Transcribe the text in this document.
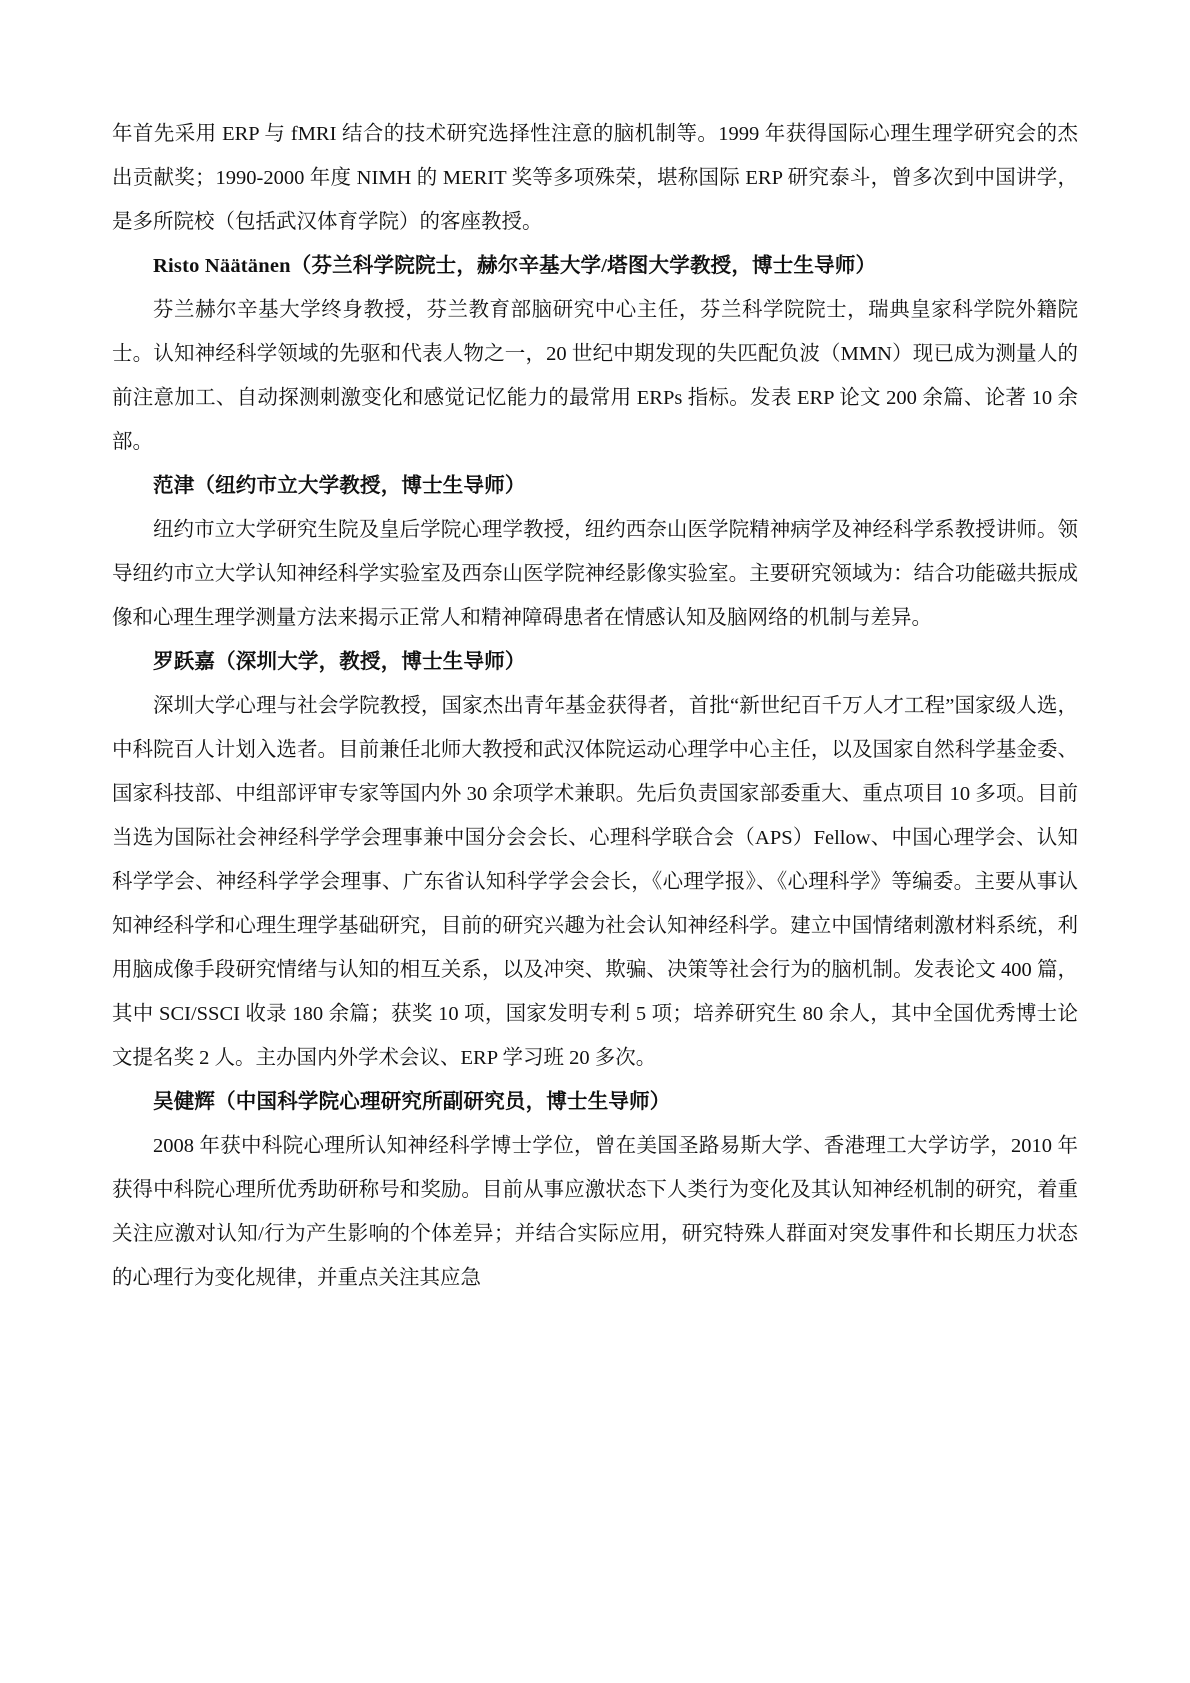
年首先采用 ERP 与 fMRI 结合的技术研究选择性注意的脑机制等。1999 年获得国际心理生理学研究会的杰出贡献奖；1990-2000 年度 NIMH 的 MERIT 奖等多项殊荣，堪称国际 ERP 研究泰斗，曾多次到中国讲学，是多所院校（包括武汉体育学院）的客座教授。

Risto Näätänen（芬兰科学院院士，赫尔辛基大学/塔图大学教授，博士生导师）

芬兰赫尔辛基大学终身教授，芬兰教育部脑研究中心主任，芬兰科学院院士，瑞典皇家科学院外籍院士。认知神经科学领域的先驱和代表人物之一，20 世纪中期发现的失匹配负波（MMN）现已成为测量人的前注意加工、自动探测刺激变化和感觉记忆能力的最常用 ERPs 指标。发表 ERP 论文 200 余篇、论著 10 余部。

范津（纽约市立大学教授，博士生导师）

纽约市立大学研究生院及皇后学院心理学教授，纽约西奈山医学院精神病学及神经科学系教授讲师。领导纽约市立大学认知神经科学实验室及西奈山医学院神经影像实验室。主要研究领域为：结合功能磁共振成像和心理生理学测量方法来揭示正常人和精神障碍患者在情感认知及脑网络的机制与差异。

罗跃嘉（深圳大学，教授，博士生导师）

深圳大学心理与社会学院教授，国家杰出青年基金获得者，首批“新世纪百千万人才工程”国家级人选，中科院百人计划入选者。目前兼任北师大教授和武汉体院运动心理学中心主任，以及国家自然科学基金委、国家科技部、中组部评审专家等国内外 30 余项学术兼职。先后负责国家部委重大、重点项目 10 多项。目前当选为国际社会神经科学学会理事兼中国分会会长、心理科学联合会（APS）Fellow、中国心理学会、认知科学学会、神经科学学会理事、广东省认知科学学会会长，《心理学报》、《心理科学》等编委。主要从事认知神经科学和心理生理学基础研究，目前的研究兴趣为社会认知神经科学。建立中国情绪刺激材料系统，利用脑成像手段研究情绪与认知的相互关系，以及冲突、欺骗、决策等社会行为的脑机制。发表论文 400 篇，其中 SCI/SSCI 收录 180 余篇；获奖 10 项，国家发明专利 5 项；培养研究生 80 余人，其中全国优秀博士论文提名奖 2 人。主办国内外学术会议、ERP 学习班 20 多次。

吴健辉（中国科学院心理研究所副研究员，博士生导师）

2008 年获中科院心理所认知神经科学博士学位，曾在美国圣路易斯大学、香港理工大学访学，2010 年获得中科院心理所优秀助研称号和奖励。目前从事应激状态下人类行为变化及其认知神经机制的研究，着重关注应激对认知/行为产生影响的个体差异；并结合实际应用，研究特殊人群面对突发事件和长期压力状态的心理行为变化规律，并重点关注其应急
